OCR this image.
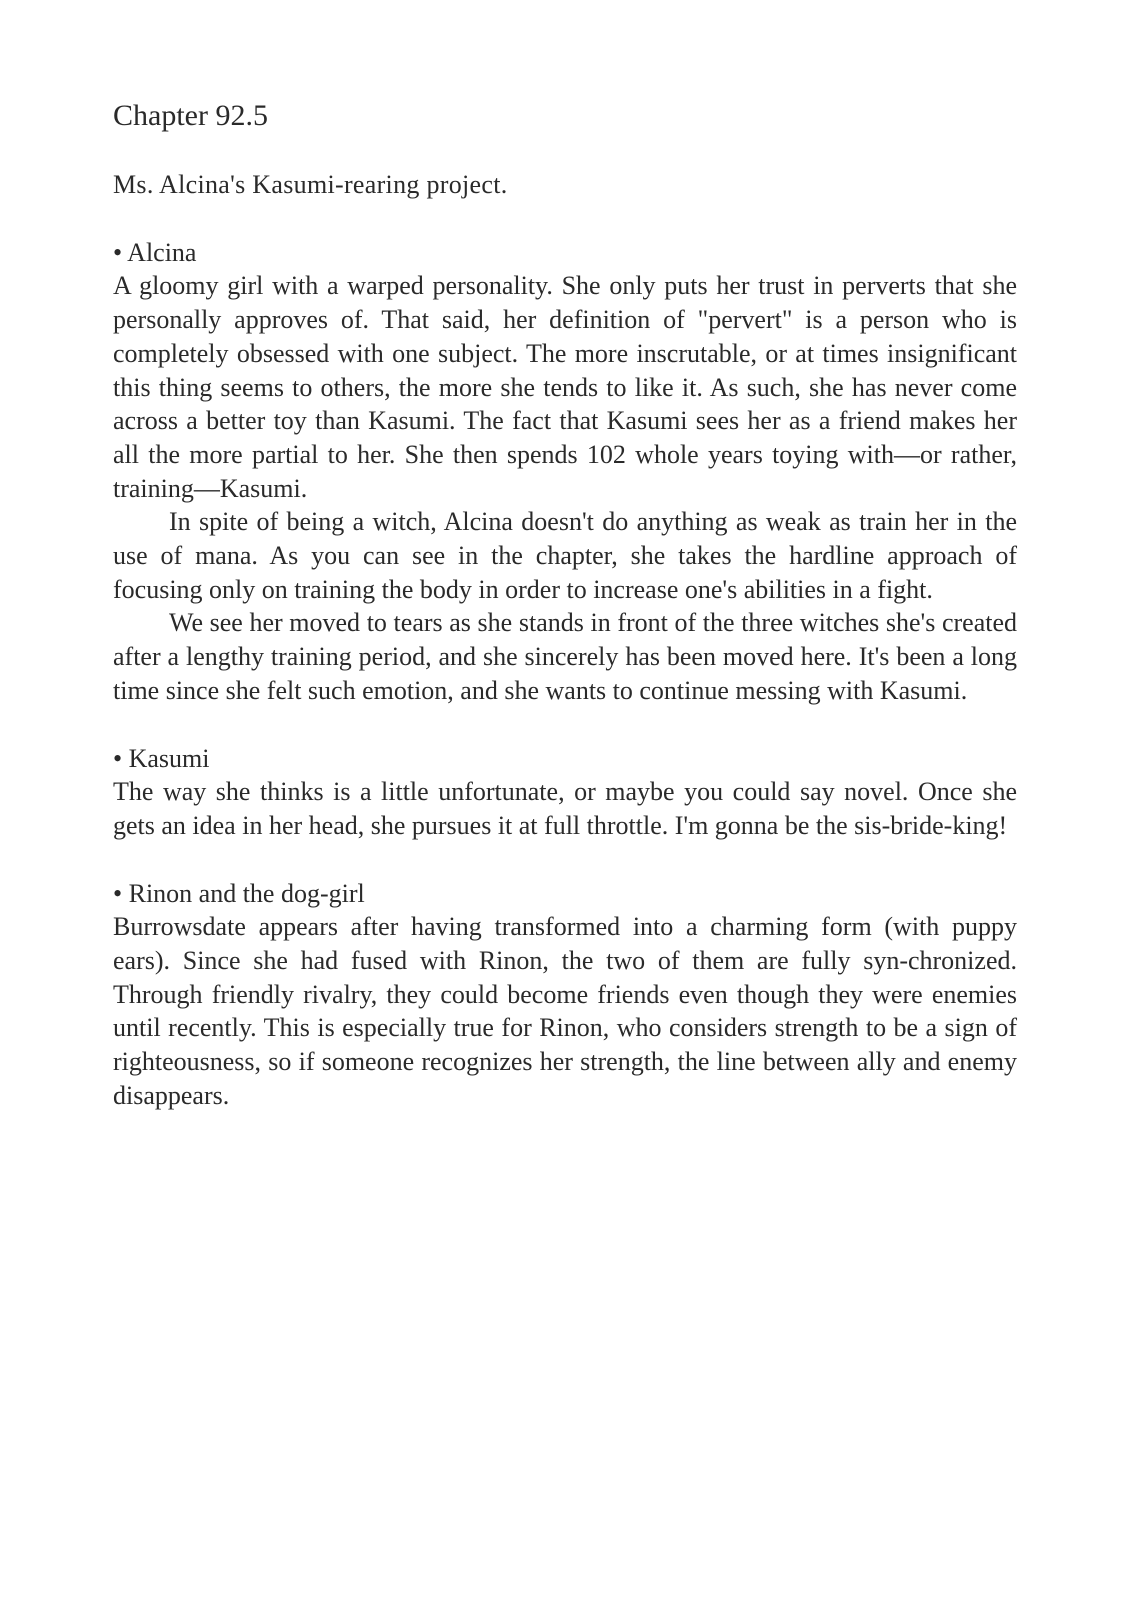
Chapter 92.5
Ms. Alcina's Kasumi-rearing project.
• Alcina

A gloomy girl with a warped personality. She only puts her trust in perverts that she personally approves of. That said, her definition of "pervert" is a person who is completely obsessed with one subject. The more inscrutable, or at times insignificant this thing seems to others, the more she tends to like it. As such, she has never come across a better toy than Kasumi. The fact that Kasumi sees her as a friend makes her all the more partial to her. She then spends 102 whole years toying with—or rather, training—Kasumi.

In spite of being a witch, Alcina doesn't do anything as weak as train her in the use of mana. As you can see in the chapter, she takes the hardline approach of focusing only on training the body in order to increase one's abilities in a fight.

We see her moved to tears as she stands in front of the three witches she's created after a lengthy training period, and she sincerely has been moved here. It's been a long time since she felt such emotion, and she wants to continue messing with Kasumi.

• Kasumi

The way she thinks is a little unfortunate, or maybe you could say novel. Once she gets an idea in her head, she pursues it at full throttle. I'm gonna be the sis-bride-king!

• Rinon and the dog-girl

Burrowsdate appears after having transformed into a charming form (with puppy ears). Since she had fused with Rinon, the two of them are fully syn-chronized. Through friendly rivalry, they could become friends even though they were enemies until recently. This is especially true for Rinon, who considers strength to be a sign of righteousness, so if someone recognizes her strength, the line between ally and enemy disappears.
